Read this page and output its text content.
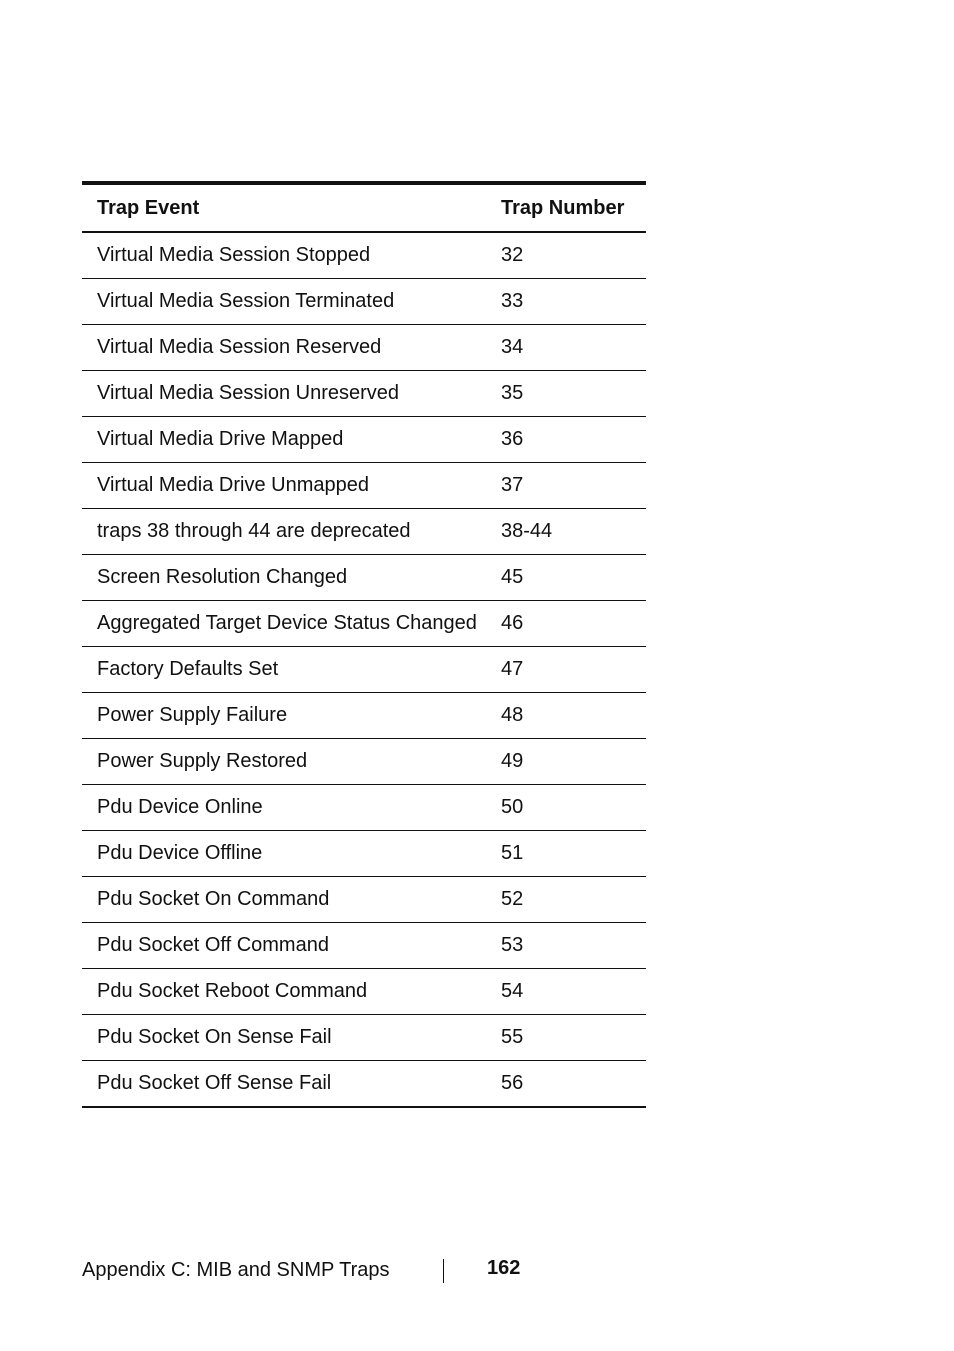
Trap Event	Trap Number
Virtual Media Session Stopped	32
Virtual Media Session Terminated	33
Virtual Media Session Reserved	34
Virtual Media Session Unreserved	35
Virtual Media Drive Mapped	36
Virtual Media Drive Unmapped	37
traps 38 through 44 are deprecated	38-44
Screen Resolution Changed	45
Aggregated Target Device Status Changed	46
Factory Defaults Set	47
Power Supply Failure	48
Power Supply Restored	49
Pdu Device Online	50
Pdu Device Offline	51
Pdu Socket On Command	52
Pdu Socket Off Command	53
Pdu Socket Reboot Command	54
Pdu Socket On Sense Fail	55
Pdu Socket Off Sense Fail	56
Appendix C: MIB and SNMP Traps	162
